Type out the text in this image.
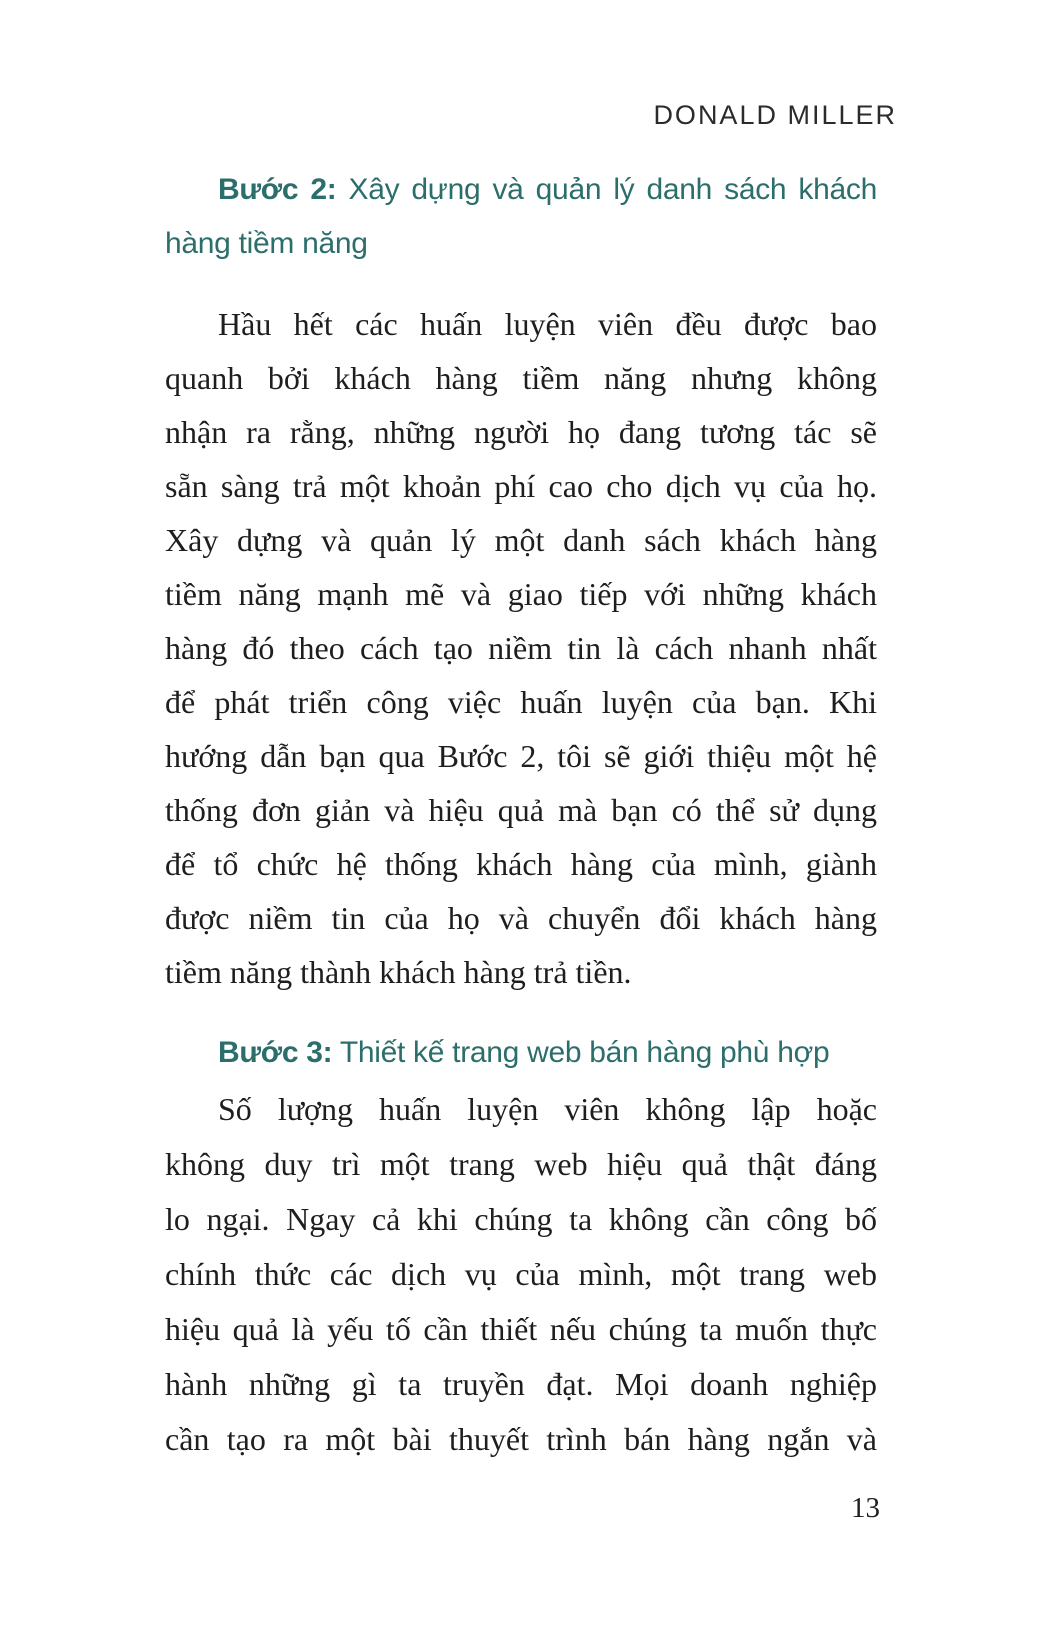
DONALD MILLER
Bước 2: Xây dựng và quản lý danh sách khách
hàng tiềm năng
Hầu hết các huấn luyện viên đều được bao
quanh bởi khách hàng tiềm năng nhưng không
nhận ra rằng, những người họ đang tương tác sẽ
sẵn sàng trả một khoản phí cao cho dịch vụ của họ.
Xây dựng và quản lý một danh sách khách hàng
tiềm năng mạnh mẽ và giao tiếp với những khách
hàng đó theo cách tạo niềm tin là cách nhanh nhất
để phát triển công việc huấn luyện của bạn. Khi
hướng dẫn bạn qua Bước 2, tôi sẽ giới thiệu một hệ
thống đơn giản và hiệu quả mà bạn có thể sử dụng
để tổ chức hệ thống khách hàng của mình, giành
được niềm tin của họ và chuyển đổi khách hàng
tiềm năng thành khách hàng trả tiền.
Bước 3: Thiết kế trang web bán hàng phù hợp
Số lượng huấn luyện viên không lập hoặc
không duy trì một trang web hiệu quả thật đáng
lo ngại. Ngay cả khi chúng ta không cần công bố
chính thức các dịch vụ của mình, một trang web
hiệu quả là yếu tố cần thiết nếu chúng ta muốn thực
hành những gì ta truyền đạt. Mọi doanh nghiệp
cần tạo ra một bài thuyết trình bán hàng ngắn và
13
